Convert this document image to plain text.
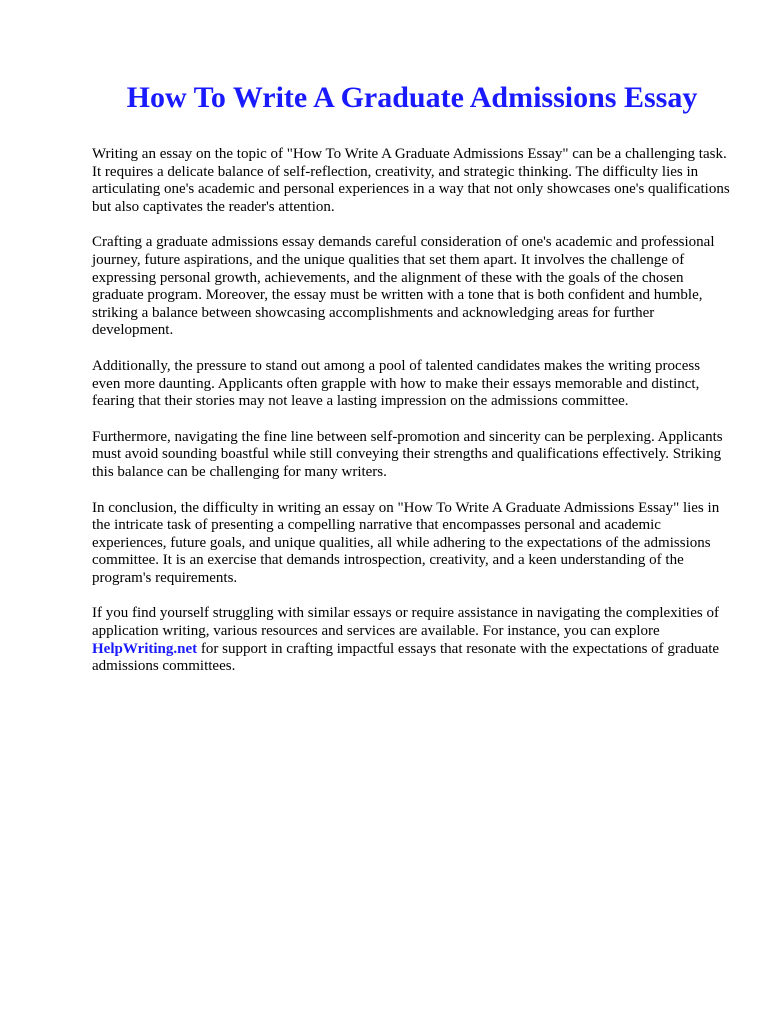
How To Write A Graduate Admissions Essay

Writing an essay on the topic of "How To Write A Graduate Admissions Essay" can be a challenging task. It requires a delicate balance of self-reflection, creativity, and strategic thinking. The difficulty lies in articulating one's academic and personal experiences in a way that not only showcases one's qualifications but also captivates the reader's attention.

Crafting a graduate admissions essay demands careful consideration of one's academic and professional journey, future aspirations, and the unique qualities that set them apart. It involves the challenge of expressing personal growth, achievements, and the alignment of these with the goals of the chosen graduate program. Moreover, the essay must be written with a tone that is both confident and humble, striking a balance between showcasing accomplishments and acknowledging areas for further development.

Additionally, the pressure to stand out among a pool of talented candidates makes the writing process even more daunting. Applicants often grapple with how to make their essays memorable and distinct, fearing that their stories may not leave a lasting impression on the admissions committee.

Furthermore, navigating the fine line between self-promotion and sincerity can be perplexing. Applicants must avoid sounding boastful while still conveying their strengths and qualifications effectively. Striking this balance can be challenging for many writers.

In conclusion, the difficulty in writing an essay on "How To Write A Graduate Admissions Essay" lies in the intricate task of presenting a compelling narrative that encompasses personal and academic experiences, future goals, and unique qualities, all while adhering to the expectations of the admissions committee. It is an exercise that demands introspection, creativity, and a keen understanding of the program's requirements.

If you find yourself struggling with similar essays or require assistance in navigating the complexities of application writing, various resources and services are available. For instance, you can explore HelpWriting.net for support in crafting impactful essays that resonate with the expectations of graduate admissions committees.
